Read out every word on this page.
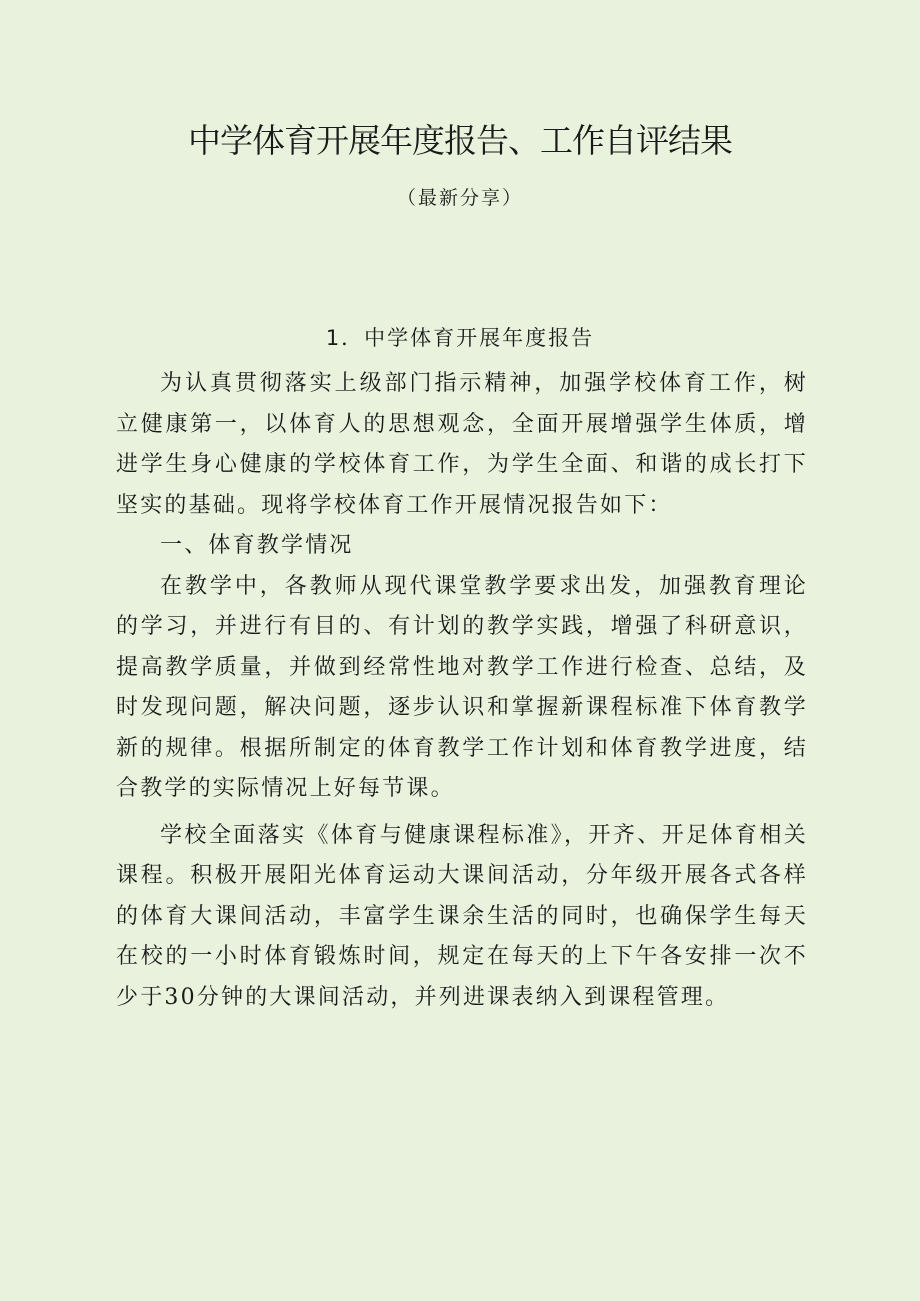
中学体育开展年度报告、工作自评结果
（最新分享）
1．中学体育开展年度报告

为认真贯彻落实上级部门指示精神，加强学校体育工作，树立健康第一，以体育人的思想观念，全面开展增强学生体质，增进学生身心健康的学校体育工作，为学生全面、和谐的成长打下坚实的基础。现将学校体育工作开展情况报告如下：

一、体育教学情况

在教学中，各教师从现代课堂教学要求出发，加强教育理论的学习，并进行有目的、有计划的教学实践，增强了科研意识，提高教学质量，并做到经常性地对教学工作进行检查、总结，及时发现问题，解决问题，逐步认识和掌握新课程标准下体育教学新的规律。根据所制定的体育教学工作计划和体育教学进度，结合教学的实际情况上好每节课。

学校全面落实《体育与健康课程标准》，开齐、开足体育相关课程。积极开展阳光体育运动大课间活动，分年级开展各式各样的体育大课间活动，丰富学生课余生活的同时，也确保学生每天在校的一小时体育锻炼时间，规定在每天的上下午各安排一次不少于30分钟的大课间活动，并列进课表纳入到课程管理。
